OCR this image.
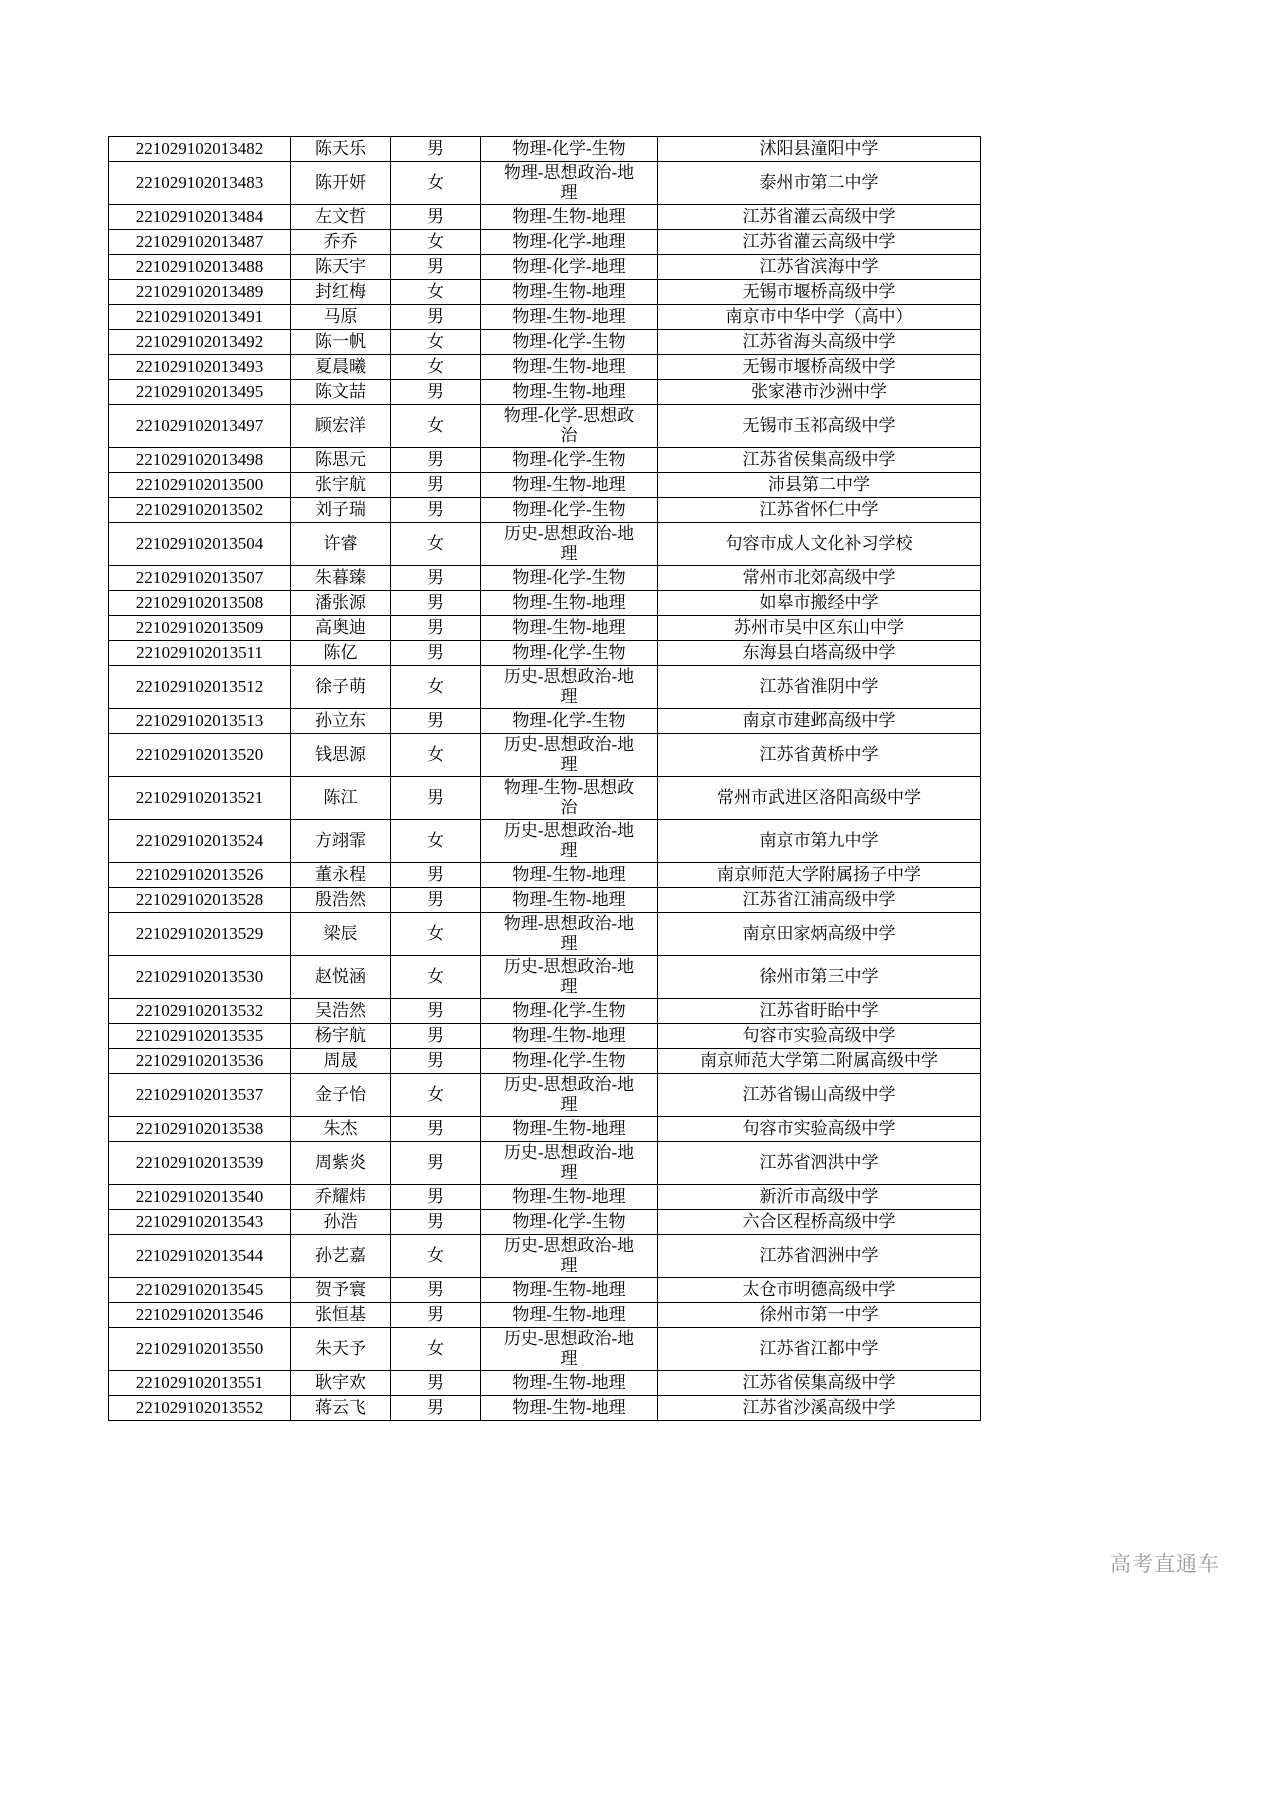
221029102013482	陈天乐	男	物理-化学-生物	沭阳县潼阳中学
221029102013483	陈开妍	女	物理-思想政治-地理	泰州市第二中学
221029102013484	左文哲	男	物理-生物-地理	江苏省灌云高级中学
221029102013487	乔乔	女	物理-化学-地理	江苏省灌云高级中学
221029102013488	陈天宇	男	物理-化学-地理	江苏省滨海中学
221029102013489	封红梅	女	物理-生物-地理	无锡市堰桥高级中学
221029102013491	马原	男	物理-生物-地理	南京市中华中学（高中）
221029102013492	陈一帆	女	物理-化学-生物	江苏省海头高级中学
221029102013493	夏晨曦	女	物理-生物-地理	无锡市堰桥高级中学
221029102013495	陈文喆	男	物理-生物-地理	张家港市沙洲中学
221029102013497	顾宏洋	女	物理-化学-思想政治	无锡市玉祁高级中学
221029102013498	陈思元	男	物理-化学-生物	江苏省侯集高级中学
221029102013500	张宇航	男	物理-生物-地理	沛县第二中学
221029102013502	刘子瑞	男	物理-化学-生物	江苏省怀仁中学
221029102013504	许睿	女	历史-思想政治-地理	句容市成人文化补习学校
221029102013507	朱暮臻	男	物理-化学-生物	常州市北郊高级中学
221029102013508	潘张源	男	物理-生物-地理	如皋市搬经中学
221029102013509	高奥迪	男	物理-生物-地理	苏州市吴中区东山中学
221029102013511	陈亿	男	物理-化学-生物	东海县白塔高级中学
221029102013512	徐子萌	女	历史-思想政治-地理	江苏省淮阴中学
221029102013513	孙立东	男	物理-化学-生物	南京市建邺高级中学
221029102013520	钱思源	女	历史-思想政治-地理	江苏省黄桥中学
221029102013521	陈江	男	物理-生物-思想政治	常州市武进区洛阳高级中学
221029102013524	方翊霏	女	历史-思想政治-地理	南京市第九中学
221029102013526	董永程	男	物理-生物-地理	南京师范大学附属扬子中学
221029102013528	殷浩然	男	物理-生物-地理	江苏省江浦高级中学
221029102013529	梁辰	女	物理-思想政治-地理	南京田家炳高级中学
221029102013530	赵悦涵	女	历史-思想政治-地理	徐州市第三中学
221029102013532	吴浩然	男	物理-化学-生物	江苏省盱眙中学
221029102013535	杨宇航	男	物理-生物-地理	句容市实验高级中学
221029102013536	周晟	男	物理-化学-生物	南京师范大学第二附属高级中学
221029102013537	金子怡	女	历史-思想政治-地理	江苏省锡山高级中学
221029102013538	朱杰	男	物理-生物-地理	句容市实验高级中学
221029102013539	周紫炎	男	历史-思想政治-地理	江苏省泗洪中学
221029102013540	乔耀炜	男	物理-生物-地理	新沂市高级中学
221029102013543	孙浩	男	物理-化学-生物	六合区程桥高级中学
221029102013544	孙艺嘉	女	历史-思想政治-地理	江苏省泗洲中学
221029102013545	贺予寰	男	物理-生物-地理	太仓市明德高级中学
221029102013546	张恒基	男	物理-生物-地理	徐州市第一中学
221029102013550	朱天予	女	历史-思想政治-地理	江苏省江都中学
221029102013551	耿宇欢	男	物理-生物-地理	江苏省侯集高级中学
221029102013552	蒋云飞	男	物理-生物-地理	江苏省沙溪高级中学
高考直通车
